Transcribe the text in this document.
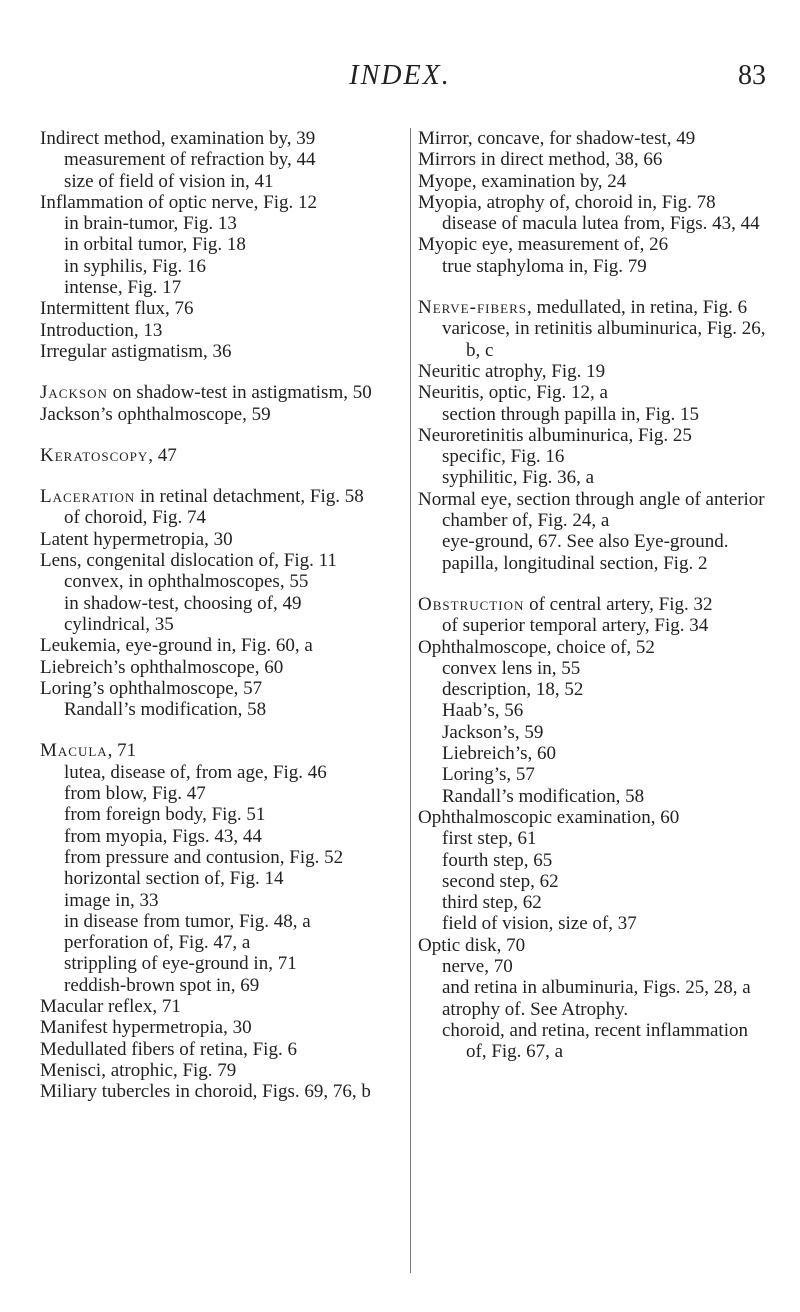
INDEX.	83

Indirect method, examination by, 39

measurement of refraction by, 44

size of field of vision in, 41

Inflammation of optic nerve, Fig. 12

in brain-tumor, Fig. 13

in orbital tumor, Fig. 18

in syphilis, Fig. 16

intense, Fig. 17

Intermittent flux, 76

Introduction, 13

Irregular astigmatism, 36

Jackson on shadow-test in astigmatism, 50

Jackson’s ophthalmoscope, 59

Keratoscopy, 47

Laceration in retinal detachment, Fig. 58

of choroid, Fig. 74

Latent hypermetropia, 30

Lens, congenital dislocation of, Fig. 11

convex, in ophthalmoscopes, 55

in shadow-test, choosing of, 49

cylindrical, 35

Leukemia, eye-ground in, Fig. 60, a

Liebreich’s ophthalmoscope, 60

Loring’s ophthalmoscope, 57

Randall’s modification, 58

Macula, 71

lutea, disease of, from age, Fig. 46

from blow, Fig. 47

from foreign body, Fig. 51

from myopia, Figs. 43, 44

from pressure and contusion, Fig. 52

horizontal section of, Fig. 14

image in, 33

in disease from tumor, Fig. 48, a

perforation of, Fig. 47, a

strippling of eye-ground in, 71

reddish-brown spot in, 69

Macular reflex, 71

Manifest hypermetropia, 30

Medullated fibers of retina, Fig. 6

Menisci, atrophic, Fig. 79

Miliary tubercles in choroid, Figs. 69, 76, b

Mirror, concave, for shadow-test, 49

Mirrors in direct method, 38, 66

Myope, examination by, 24

Myopia, atrophy of, choroid in, Fig. 78

disease of macula lutea from, Figs. 43, 44

Myopic eye, measurement of, 26

true staphyloma in, Fig. 79

Nerve-fibers, medullated, in retina, Fig. 6

varicose, in retinitis albuminurica, Fig. 26, b, c

Neuritic atrophy, Fig. 19

Neuritis, optic, Fig. 12, a

section through papilla in, Fig. 15

Neuroretinitis albuminurica, Fig. 25

specific, Fig. 16

syphilitic, Fig. 36, a

Normal eye, section through angle of anterior chamber of, Fig. 24, a

eye-ground, 67. See also Eye-ground.

papilla, longitudinal section, Fig. 2

Obstruction of central artery, Fig. 32

of superior temporal artery, Fig. 34

Ophthalmoscope, choice of, 52

convex lens in, 55

description, 18, 52

Haab’s, 56

Jackson’s, 59

Liebreich’s, 60

Loring’s, 57

Randall’s modification, 58

Ophthalmoscopic examination, 60

first step, 61

fourth step, 65

second step, 62

third step, 62

field of vision, size of, 37

Optic disk, 70

nerve, 70

and retina in albuminuria, Figs. 25, 28, a

atrophy of. See Atrophy.

choroid, and retina, recent inflammation of, Fig. 67, a
